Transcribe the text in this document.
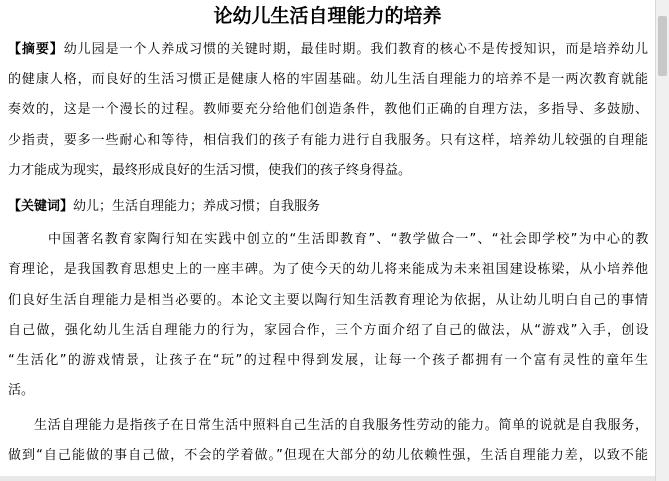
论幼儿生活自理能力的培养
【摘要】幼儿园是一个人养成习惯的关键时期，最佳时期。我们教育的核心不是传授知识，而是培养幼儿
的健康人格，而良好的生活习惯正是健康人格的牢固基础。幼儿生活自理能力的培养不是一两次教育就能
奏效的，这是一个漫长的过程。教师要充分给他们创造条件，教他们正确的自理方法，多指导、多鼓励、
少指责，要多一些耐心和等待，相信我们的孩子有能力进行自我服务。只有这样，培养幼儿较强的自理能
力才能成为现实，最终形成良好的生活习惯，使我们的孩子终身得益。
【关键词】幼儿；生活自理能力；养成习惯；自我服务
中国著名教育家陶行知在实践中创立的“生活即教育”、“教学做合一”、“社会即学校”为中心的教
育理论，是我国教育思想史上的一座丰碑。为了使今天的幼儿将来能成为未来祖国建设栋梁，从小培养他
们良好生活自理能力是相当必要的。本论文主要以陶行知生活教育理论为依据，从让幼儿明白自己的事情
自己做，强化幼儿生活自理能力的行为，家园合作，三个方面介绍了自己的做法，从“游戏”入手，创设
“生活化”的游戏情景，让孩子在“玩”的过程中得到发展，让每一个孩子都拥有一个富有灵性的童年生
活。
生活自理能力是指孩子在日常生活中照料自己生活的自我服务性劳动的能力。简单的说就是自我服务，
做到“自己能做的事自己做，不会的学着做。”但现在大部分的幼儿依赖性强，生活自理能力差，以致不能
